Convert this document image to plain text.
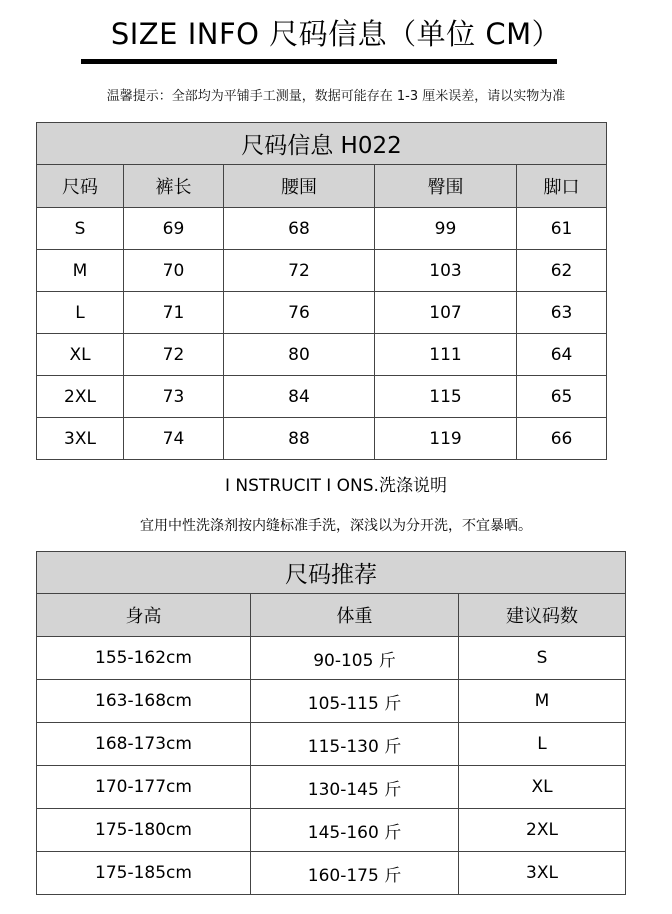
SIZE INFO 尺码信息（单位 CM）
温馨提示：全部均为平铺手工测量，数据可能存在 1-3 厘米误差，请以实物为准
尺码信息 H022				
尺码	裤长	腰围	臀围	脚口
S	69	68	99	61
M	70	72	103	62
L	71	76	107	63
XL	72	80	111	64
2XL	73	84	115	65
3XL	74	88	119	66
I NSTRUCIT I ONS.洗涤说明
宜用中性洗涤剂按内缝标准手洗，深浅以为分开洗，不宜暴晒。
尺码推荐		
身高	体重	建议码数
155-162cm	90-105 斤	S
163-168cm	105-115 斤	M
168-173cm	115-130 斤	L
170-177cm	130-145 斤	XL
175-180cm	145-160 斤	2XL
175-185cm	160-175 斤	3XL
